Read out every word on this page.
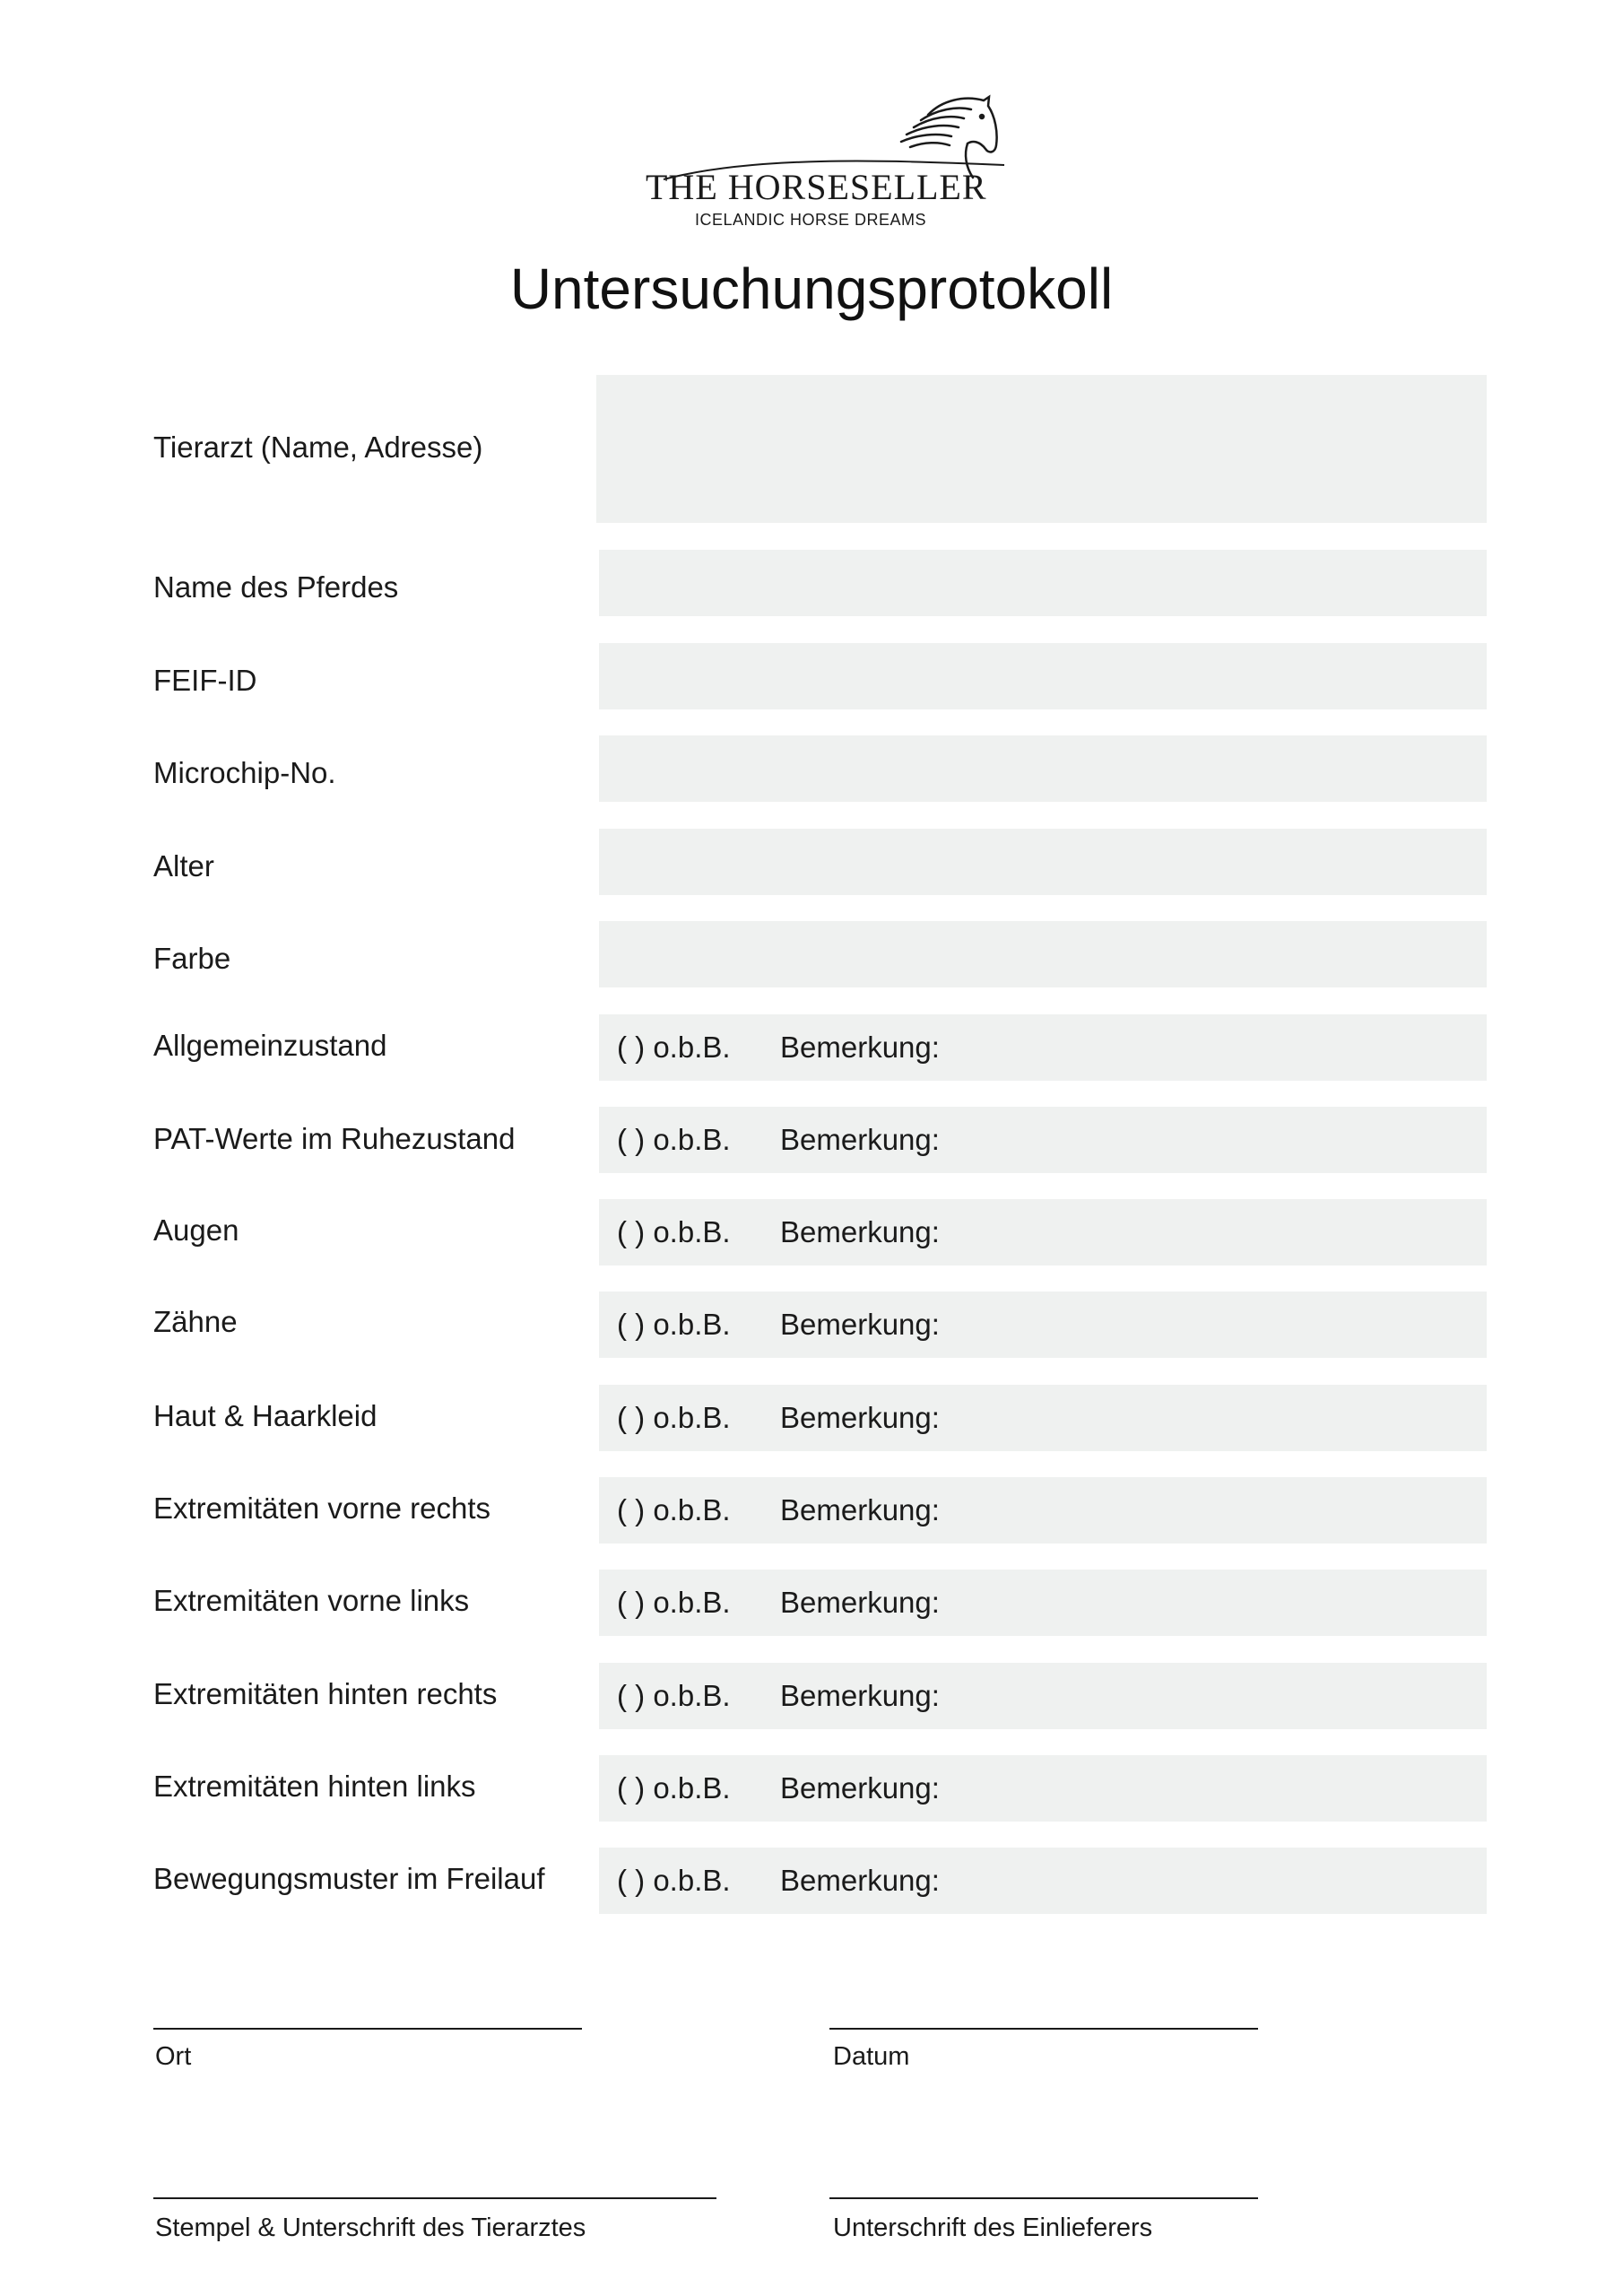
THE HORSESELLER
ICELANDIC HORSE DREAMS
Untersuchungsprotokoll
Tierarzt (Name, Adresse)
Name des Pferdes
FEIF-ID
Microchip-No.
Alter
Farbe
Allgemeinzustand	( ) o.b.B. Bemerkung:
PAT-Werte im Ruhezustand	( ) o.b.B. Bemerkung:
Augen	( ) o.b.B. Bemerkung:
Zähne	( ) o.b.B. Bemerkung:
Haut & Haarkleid	( ) o.b.B. Bemerkung:
Extremitäten vorne rechts	( ) o.b.B. Bemerkung:
Extremitäten vorne links	( ) o.b.B. Bemerkung:
Extremitäten hinten rechts	( ) o.b.B. Bemerkung:
Extremitäten hinten links	( ) o.b.B. Bemerkung:
Bewegungsmuster im Freilauf ( ) o.b.B. Bemerkung:
Ort	Datum
Stempel & Unterschrift des Tierarztes	Unterschrift des Einlieferers
